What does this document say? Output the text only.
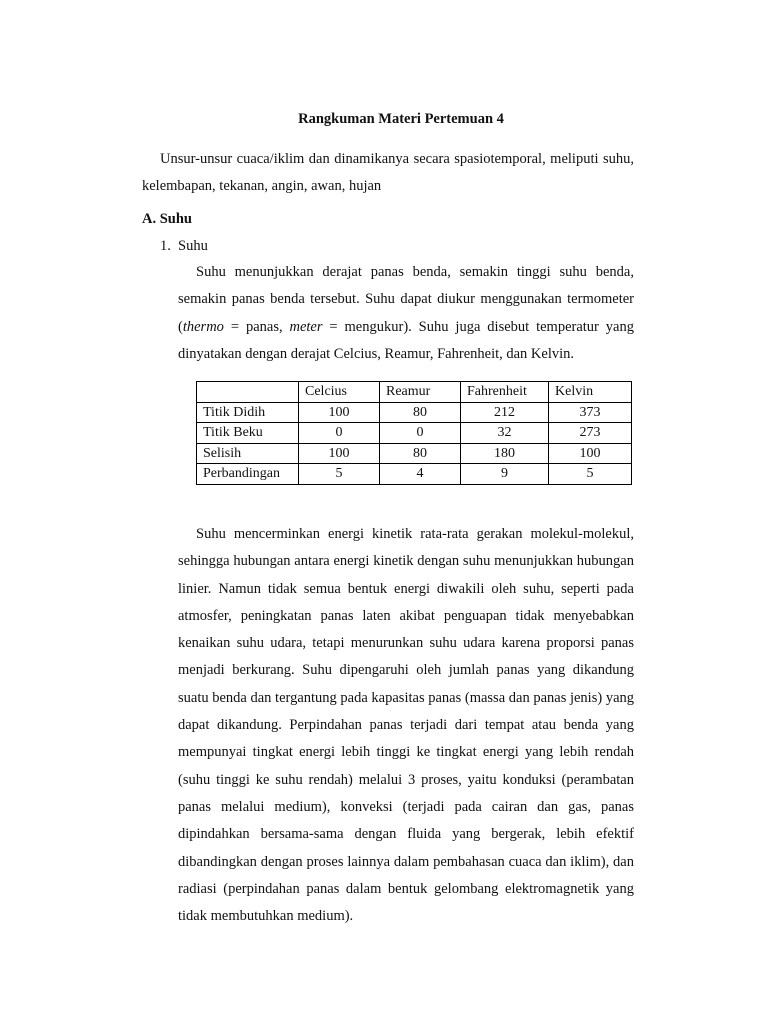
Rangkuman Materi Pertemuan 4

Unsur-unsur cuaca/iklim dan dinamikanya secara spasiotemporal, meliputi suhu, kelembapan, tekanan, angin, awan, hujan

A. Suhu
1. Suhu

Suhu menunjukkan derajat panas benda, semakin tinggi suhu benda, semakin panas benda tersebut. Suhu dapat diukur menggunakan termometer (thermo = panas, meter = mengukur). Suhu juga disebut temperatur yang dinyatakan dengan derajat Celcius, Reamur, Fahrenheit, dan Kelvin.

	Celcius	Reamur	Fahrenheit	Kelvin
Titik Didih	100	80	212	373
Titik Beku	0	0	32	273
Selisih	100	80	180	100
Perbandingan	5	4	9	5

Suhu mencerminkan energi kinetik rata-rata gerakan molekul-molekul, sehingga hubungan antara energi kinetik dengan suhu menunjukkan hubungan linier. Namun tidak semua bentuk energi diwakili oleh suhu, seperti pada atmosfer, peningkatan panas laten akibat penguapan tidak menyebabkan kenaikan suhu udara, tetapi menurunkan suhu udara karena proporsi panas menjadi berkurang. Suhu dipengaruhi oleh jumlah panas yang dikandung suatu benda dan tergantung pada kapasitas panas (massa dan panas jenis) yang dapat dikandung. Perpindahan panas terjadi dari tempat atau benda yang mempunyai tingkat energi lebih tinggi ke tingkat energi yang lebih rendah (suhu tinggi ke suhu rendah) melalui 3 proses, yaitu konduksi (perambatan panas melalui medium), konveksi (terjadi pada cairan dan gas, panas dipindahkan bersama-sama dengan fluida yang bergerak, lebih efektif dibandingkan dengan proses lainnya dalam pembahasan cuaca dan iklim), dan radiasi (perpindahan panas dalam bentuk gelombang elektromagnetik yang tidak membutuhkan medium).
